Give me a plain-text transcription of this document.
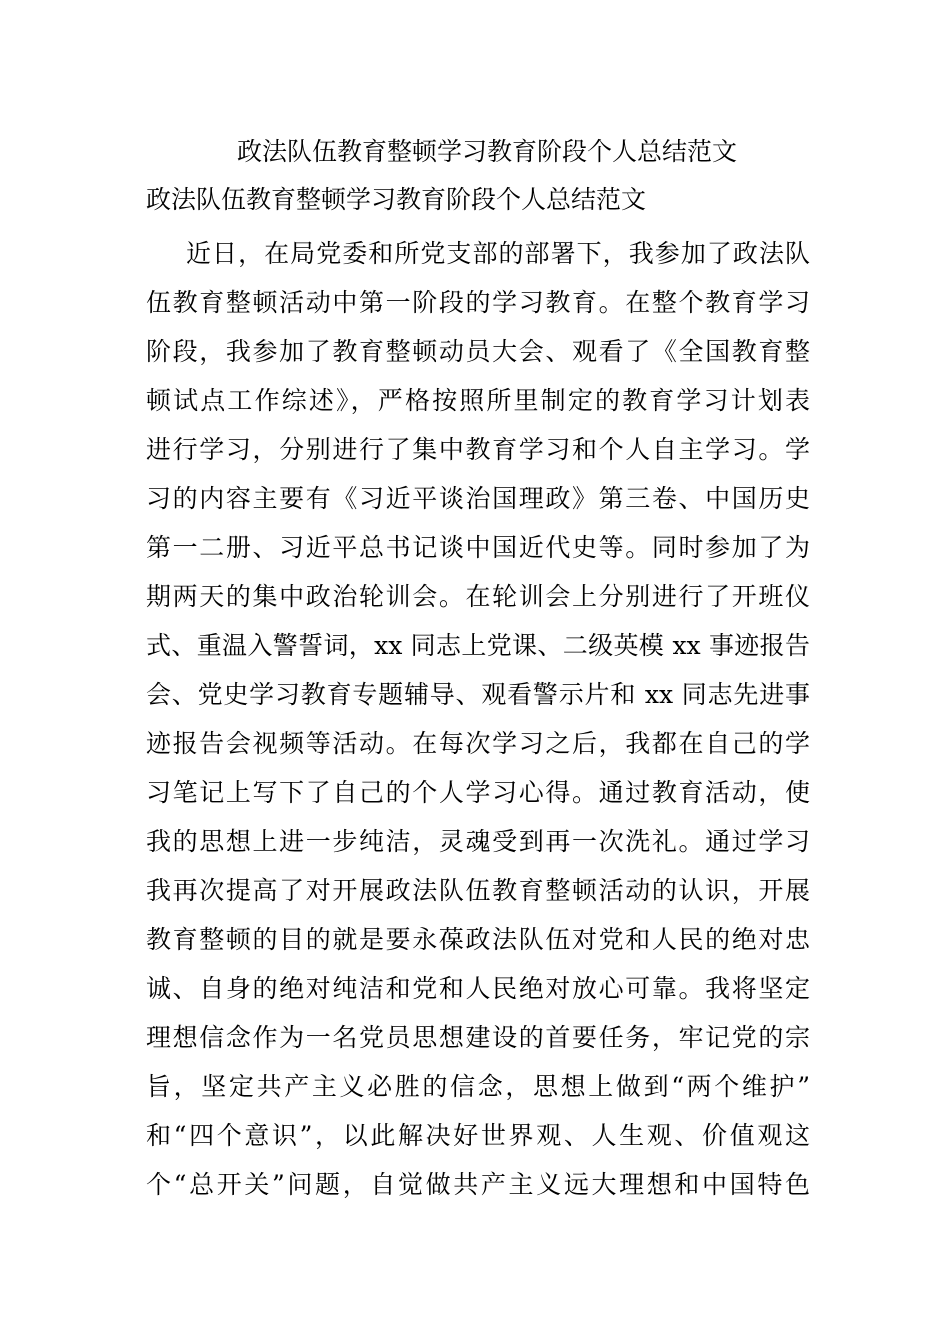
政法队伍教育整顿学习教育阶段个人总结范文
政法队伍教育整顿学习教育阶段个人总结范文
近日，在局党委和所党支部的部署下，我参加了政法队
伍教育整顿活动中第一阶段的学习教育。在整个教育学习
阶段，我参加了教育整顿动员大会、观看了《全国教育整
顿试点工作综述》，严格按照所里制定的教育学习计划表
进行学习，分别进行了集中教育学习和个人自主学习。学
习的内容主要有《习近平谈治国理政》第三卷、中国历史
第一二册、习近平总书记谈中国近代史等。同时参加了为
期两天的集中政治轮训会。在轮训会上分别进行了开班仪
式、重温入警誓词，xx 同志上党课、二级英模 xx 事迹报告
会、党史学习教育专题辅导、观看警示片和 xx 同志先进事
迹报告会视频等活动。在每次学习之后，我都在自己的学
习笔记上写下了自己的个人学习心得。通过教育活动，使
我的思想上进一步纯洁，灵魂受到再一次洗礼。通过学习
我再次提高了对开展政法队伍教育整顿活动的认识，开展
教育整顿的目的就是要永葆政法队伍对党和人民的绝对忠
诚、自身的绝对纯洁和党和人民绝对放心可靠。我将坚定
理想信念作为一名党员思想建设的首要任务，牢记党的宗
旨，坚定共产主义必胜的信念，思想上做到“两个维护”
和“四个意识”，以此解决好世界观、人生观、价值观这
个“总开关”问题，自觉做共产主义远大理想和中国特色
